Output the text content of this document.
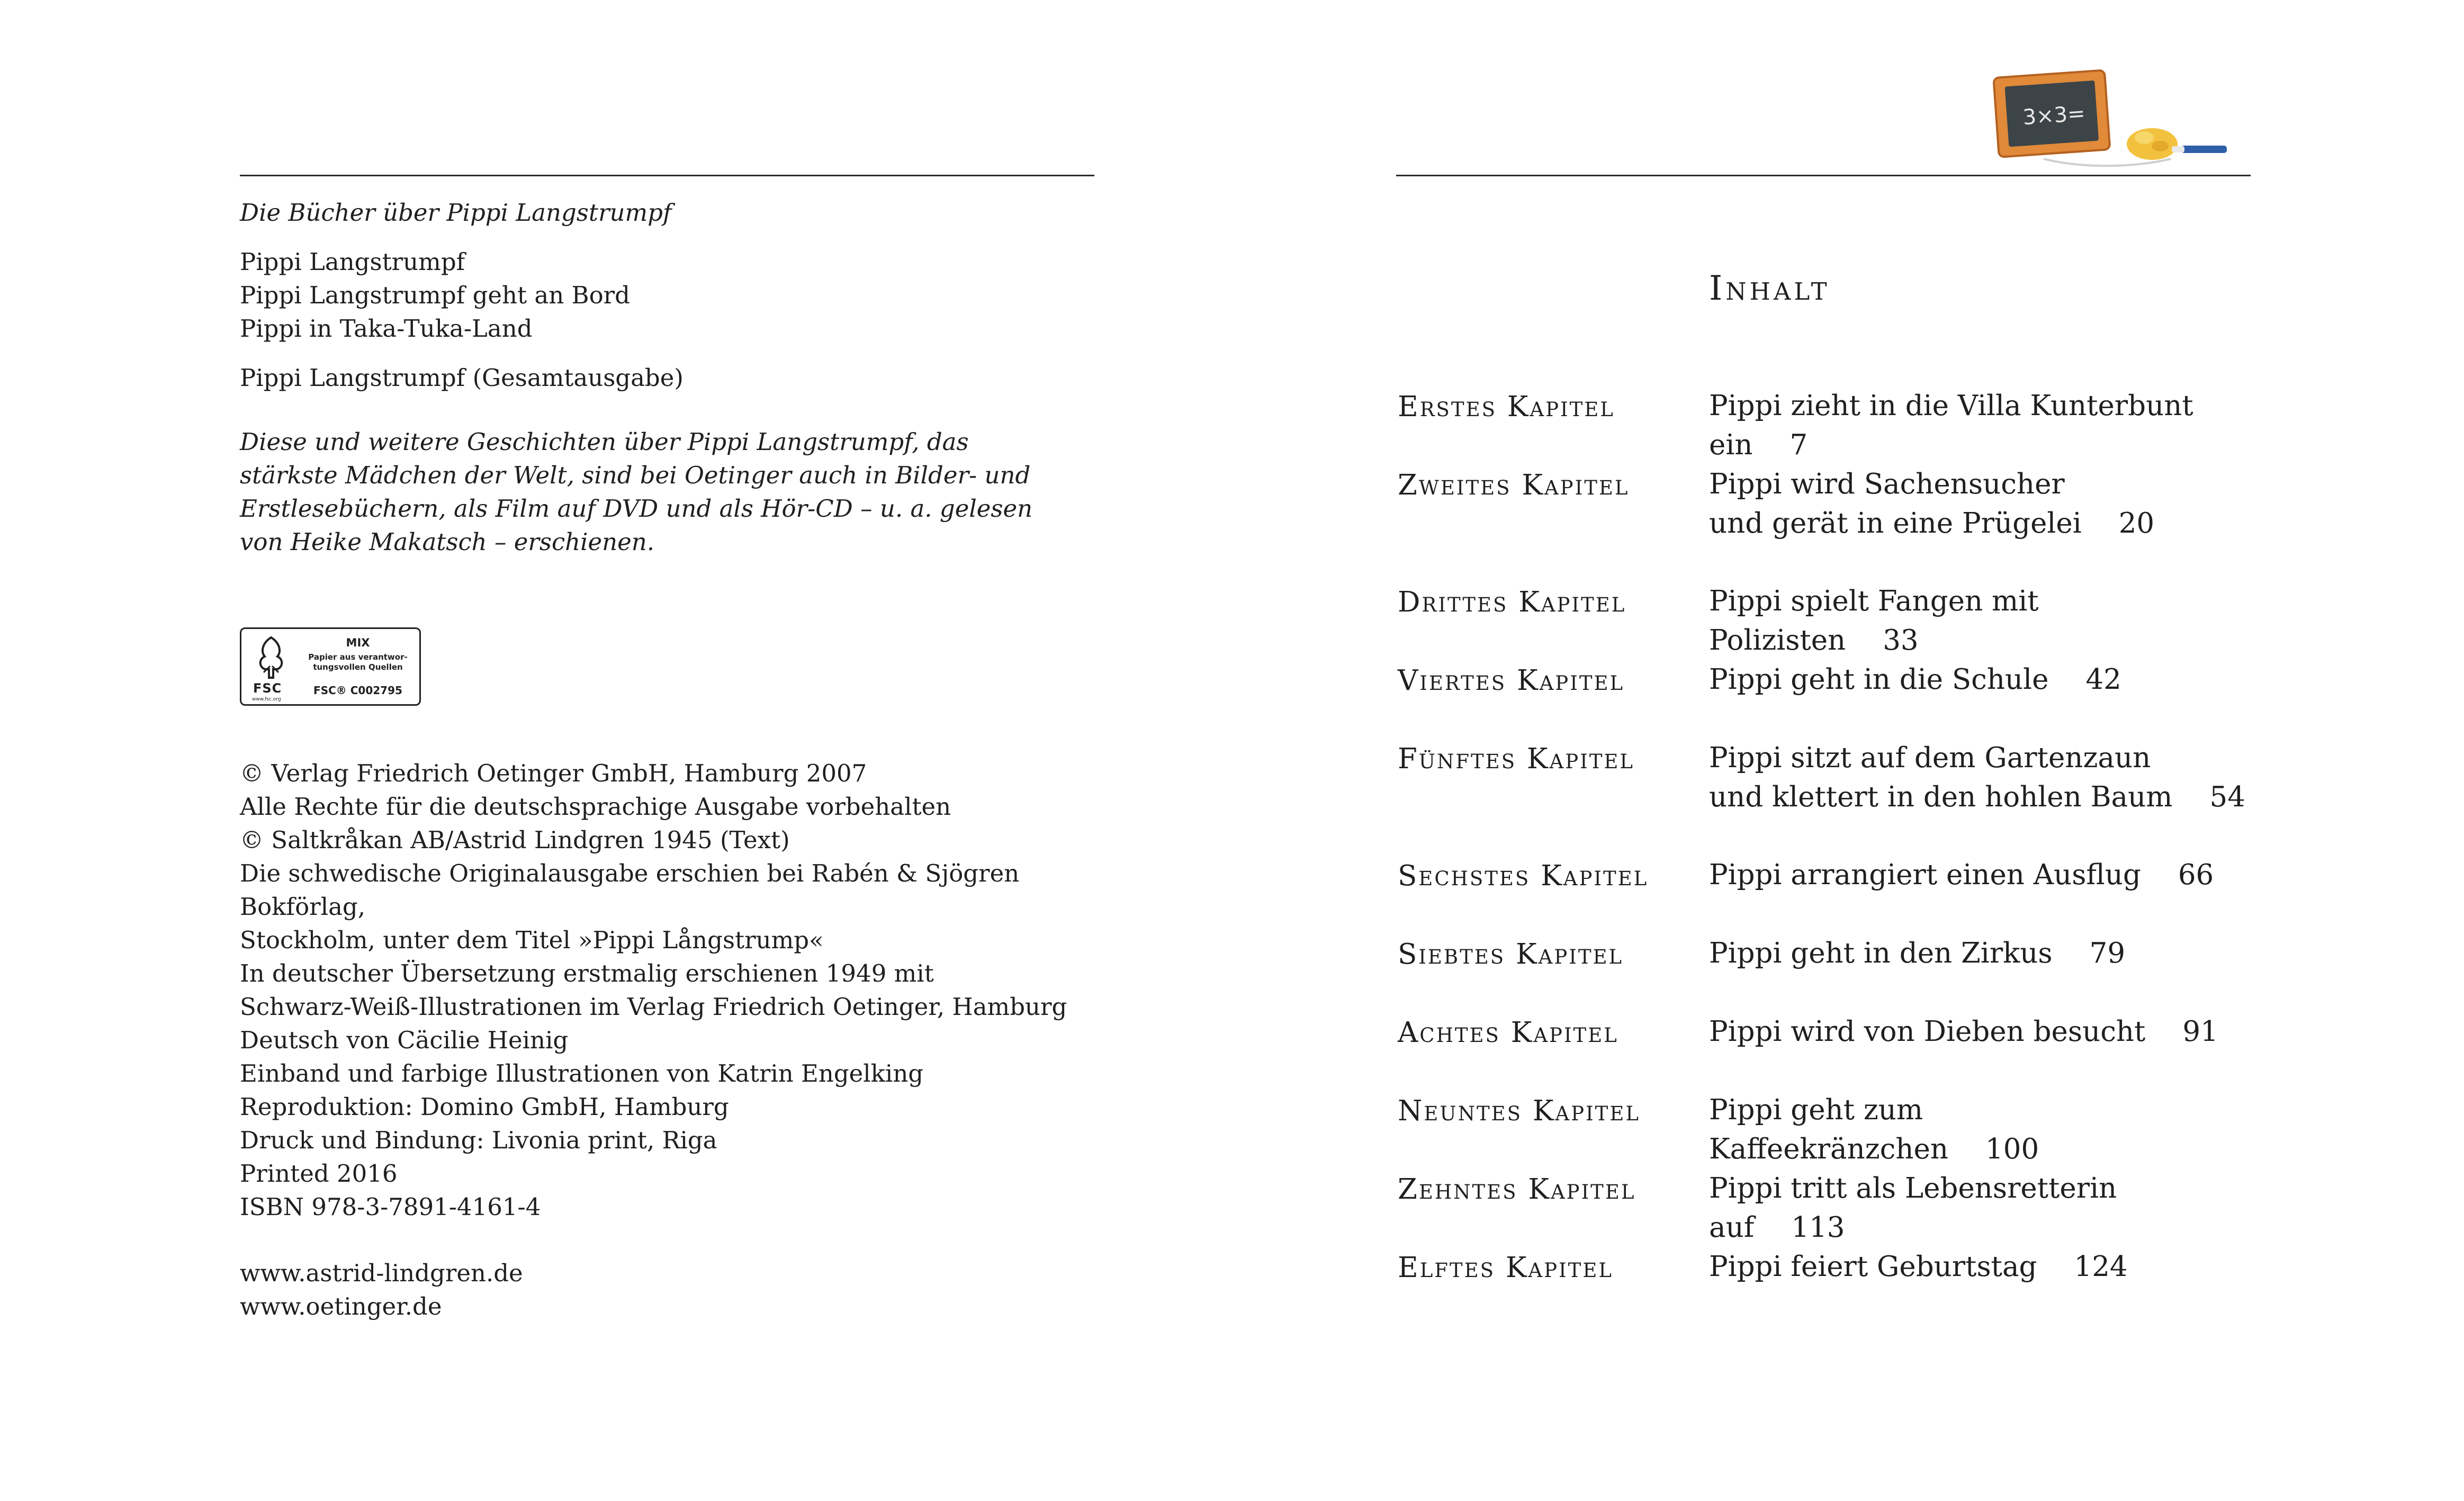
Die Bücher über Pippi Langstrumpf

Pippi Langstrumpf

Pippi Langstrumpf geht an Bord

Pippi in Taka-Tuka-Land

Pippi Langstrumpf (Gesamtausgabe)

Diese und weitere Geschichten über Pippi Langstrumpf, das

stärkste Mädchen der Welt, sind bei Oetinger auch in Bilder- und

Erstlesebüchern, als Film auf DVD und als Hör-CD – u. a. gelesen

von Heike Makatsch – erschienen.

FSC
www.fsc.org
MIX
Papier aus verantwor-
tungsvollen Quellen
FSC® C002795

© Verlag Friedrich Oetinger GmbH, Hamburg 2007

Alle Rechte für die deutschsprachige Ausgabe vorbehalten

© Saltkråkan AB/Astrid Lindgren 1945 (Text)

Die schwedische Originalausgabe erschien bei Rabén & Sjögren Bokförlag,

Stockholm, unter dem Titel »Pippi Långstrump«

In deutscher Übersetzung erstmalig erschienen 1949 mit

Schwarz-Weiß-Illustrationen im Verlag Friedrich Oetinger, Hamburg

Deutsch von Cäcilie Heinig

Einband und farbige Illustrationen von Katrin Engelking

Reproduktion: Domino GmbH, Hamburg

Druck und Bindung: Livonia print, Riga

Printed 2016

ISBN 978-3-7891-4161-4

www.astrid-lindgren.de

www.oetinger.de

3×3=
Inhalt
Erstes Kapitel	Pippi zieht in die Villa Kunterbunt ein 7
Zweites Kapitel	Pippi wird Sachensucher
und gerät in eine Prügelei 20
Drittes Kapitel	Pippi spielt Fangen mit Polizisten 33
Viertes Kapitel	Pippi geht in die Schule 42
Fünftes Kapitel	Pippi sitzt auf dem Gartenzaun
und klettert in den hohlen Baum 54
Sechstes Kapitel Pippi arrangiert einen Ausflug 66
Siebtes Kapitel	Pippi geht in den Zirkus 79
Achtes Kapitel	Pippi wird von Dieben besucht 91
Neuntes Kapitel Pippi geht zum Kaffeekränzchen 100
Zehntes Kapitel	Pippi tritt als Lebensretterin auf 113
Elftes Kapitel	Pippi feiert Geburtstag 124
